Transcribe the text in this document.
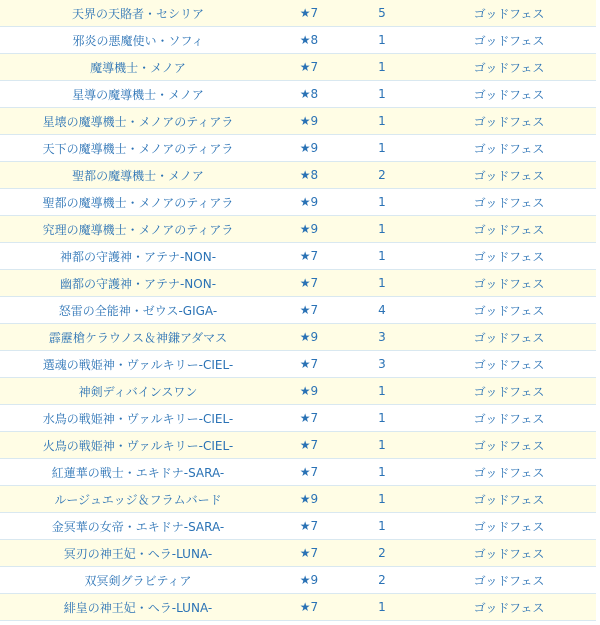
天界の天賂者・セシリア	★7	5	ゴッドフェス
邪炎の悪魔使い・ソフィ	★8	1	ゴッドフェス
魔導機士・メノア	★7	1	ゴッドフェス
星導の魔導機士・メノア	★8	1	ゴッドフェス
星壊の魔導機士・メノアのティアラ	★9	1	ゴッドフェス
天下の魔導機士・メノアのティアラ	★9	1	ゴッドフェス
聖都の魔導機士・メノア	★8	2	ゴッドフェス
聖都の魔導機士・メノアのティアラ	★9	1	ゴッドフェス
究理の魔導機士・メノアのティアラ	★9	1	ゴッドフェス
神都の守護神・アテナ-NON-	★7	1	ゴッドフェス
幽都の守護神・アテナ-NON-	★7	1	ゴッドフェス
怒雷の全能神・ゼウス-GIGA-	★7	4	ゴッドフェス
霹靂槍ケラウノス＆神鎌アダマス	★9	3	ゴッドフェス
選魂の戦姫神・ヴァルキリー-CIEL-	★7	3	ゴッドフェス
神剣ディバインスワン	★9	1	ゴッドフェス
水鳥の戦姫神・ヴァルキリー-CIEL-	★7	1	ゴッドフェス
火鳥の戦姫神・ヴァルキリー-CIEL-	★7	1	ゴッドフェス
紅蓮華の戦士・エキドナ-SARA-	★7	1	ゴッドフェス
ルージュエッジ＆フラムバード	★9	1	ゴッドフェス
金冥華の女帝・エキドナ-SARA-	★7	1	ゴッドフェス
冥刃の神王妃・ヘラ-LUNA-	★7	2	ゴッドフェス
双冥剣グラビティア	★9	2	ゴッドフェス
緋皇の神王妃・ヘラ-LUNA-	★7	1	ゴッドフェス
